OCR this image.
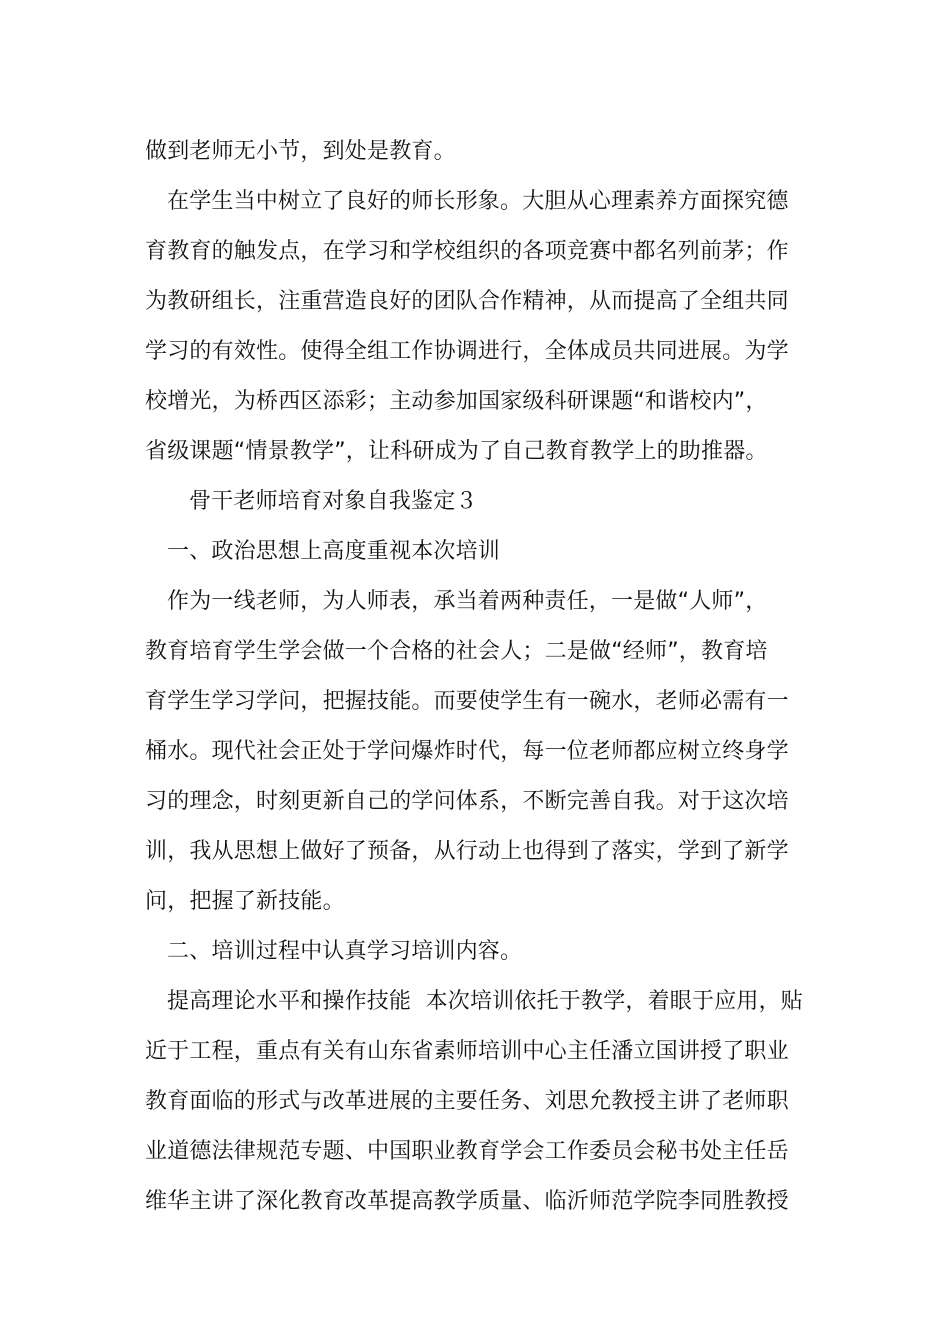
做到老师无小节，到处是教育。
在学生当中树立了良好的师长形象。大胆从心理素养方面探究德
育教育的触发点，在学习和学校组织的各项竞赛中都名列前茅；作
为教研组长，注重营造良好的团队合作精神，从而提高了全组共同
学习的有效性。使得全组工作协调进行，全体成员共同进展。为学
校增光，为桥西区添彩；主动参加国家级科研课题“和谐校内”，
省级课题“情景教学”，让科研成为了自己教育教学上的助推器。
骨干老师培育对象自我鉴定３
一、政治思想上高度重视本次培训
作为一线老师，为人师表，承当着两种责任，一是做“人师”，
教育培育学生学会做一个合格的社会人；二是做“经师”，教育培
育学生学习学问，把握技能。而要使学生有一碗水，老师必需有一
桶水。现代社会正处于学问爆炸时代，每一位老师都应树立终身学
习的理念，时刻更新自己的学问体系，不断完善自我。对于这次培
训，我从思想上做好了预备，从行动上也得到了落实，学到了新学
问，把握了新技能。
二、培训过程中认真学习培训内容。
提高理论水平和操作技能  本次培训依托于教学，着眼于应用，贴
近于工程，重点有关有山东省素师培训中心主任潘立国讲授了职业
教育面临的形式与改革进展的主要任务、刘思允教授主讲了老师职
业道德法律规范专题、中国职业教育学会工作委员会秘书处主任岳
维华主讲了深化教育改革提高教学质量、临沂师范学院李同胜教授
